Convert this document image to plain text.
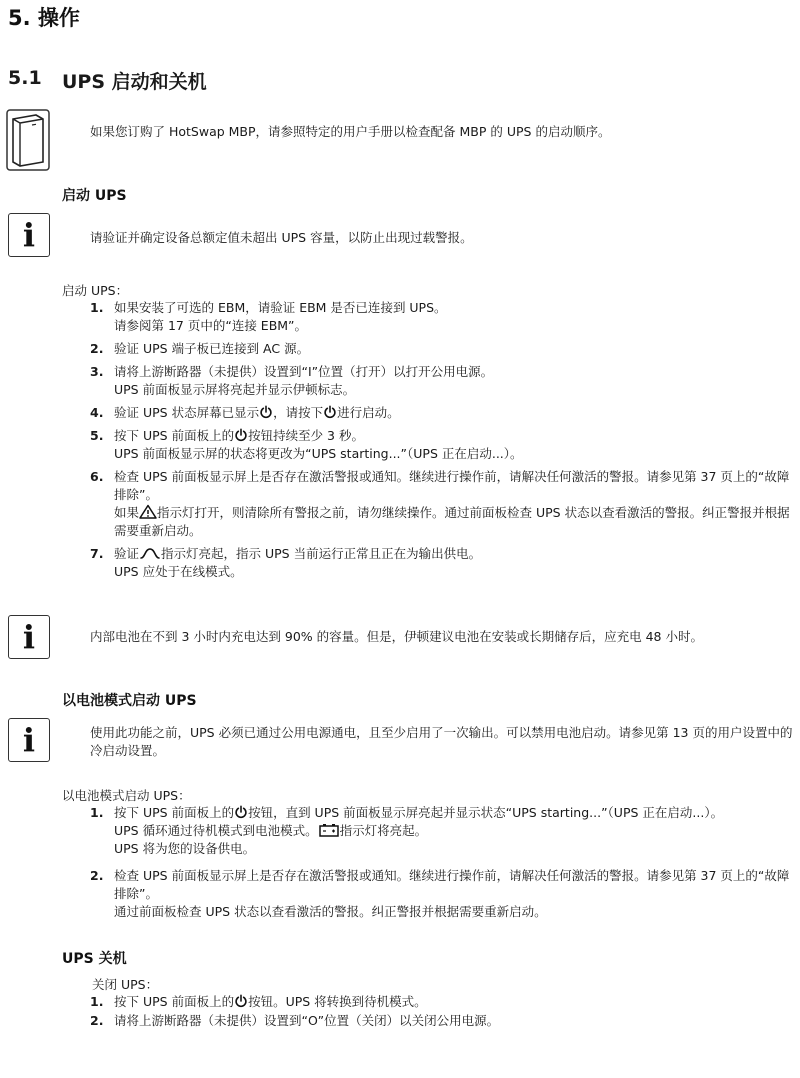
5. 操作
5.1 UPS 启动和关机
如果您订购了 HotSwap MBP，请参照特定的用户手册以检查配备 MBP 的 UPS 的启动顺序。
启动 UPS
i	请验证并确定设备总额定值未超出 UPS 容量，以防止出现过载警报。
启动 UPS：
1. 如果安装了可选的 EBM，请验证 EBM 是否已连接到 UPS。
请参阅第 17 页中的“连接 EBM”。
2. 验证 UPS 端子板已连接到 AC 源。
3. 请将上游断路器（未提供）设置到“I”位置（打开）以打开公用电源。
UPS 前面板显示屏将亮起并显示伊顿标志。
4. 验证 UPS 状态屏幕已显示 ，请按下 进行启动。
5. 按下 UPS 前面板上的 按钮持续至少 3 秒。
UPS 前面板显示屏的状态将更改为“UPS starting...”（UPS 正在启动...）。
6. 检查 UPS 前面板显示屏上是否存在激活警报或通知。继续进行操作前，请解决任何激活的警报。请参见第 37 页上的“故障排除”。
如果 指示灯打开，则清除所有警报之前，请勿继续操作。通过前面板检查 UPS 状态以查看激活的警报。纠正警报并根据需要重新启动。
7. 验证 指示灯亮起，指示 UPS 当前运行正常且正在为输出供电。
UPS 应处于在线模式。
i	内部电池在不到 3 小时内充电达到 90% 的容量。但是，伊顿建议电池在安装或长期储存后，应充电 48 小时。
以电池模式启动 UPS
i	使用此功能之前，UPS 必须已通过公用电源通电，且至少启用了一次输出。可以禁用电池启动。请参见第 13 页的用户设置中的冷启动设置。
以电池模式启动 UPS：
1. 按下 UPS 前面板上的 按钮，直到 UPS 前面板显示屏亮起并显示状态“UPS starting...”（UPS 正在启动...）。
UPS 循环通过待机模式到电池模式。 指示灯将亮起。
UPS 将为您的设备供电。
2. 检查 UPS 前面板显示屏上是否存在激活警报或通知。继续进行操作前，请解决任何激活的警报。请参见第 37 页上的“故障排除”。
通过前面板检查 UPS 状态以查看激活的警报。纠正警报并根据需要重新启动。
UPS 关机
关闭 UPS：
1. 按下 UPS 前面板上的 按钮。UPS 将转换到待机模式。
2. 请将上游断路器（未提供）设置到“O”位置（关闭）以关闭公用电源。
